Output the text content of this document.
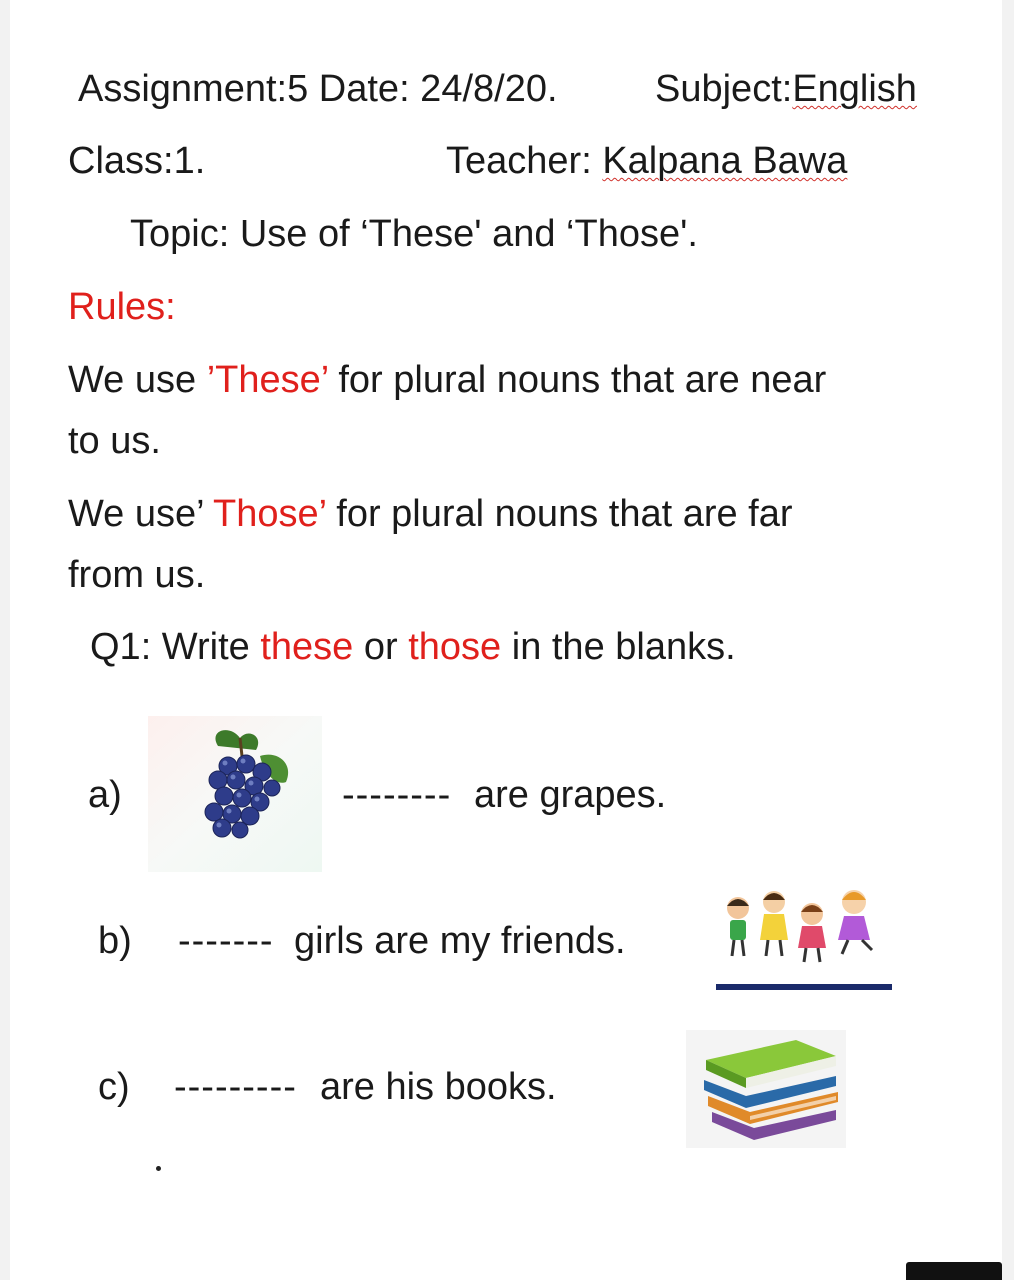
Assignment:5 Date: 24/8/20.	Subject:English
Class:1.	Teacher: Kalpana Bawa
Topic: Use of ‘These' and ‘Those'.
Rules:
We use ’These’ for plural nouns that are near
to us.
We use’ Those’ for plural nouns that are far
from us.
Q1: Write these or those in the blanks.
a)	-------- are grapes.
b) ------- girls are my friends.
c) --------- are his books.
